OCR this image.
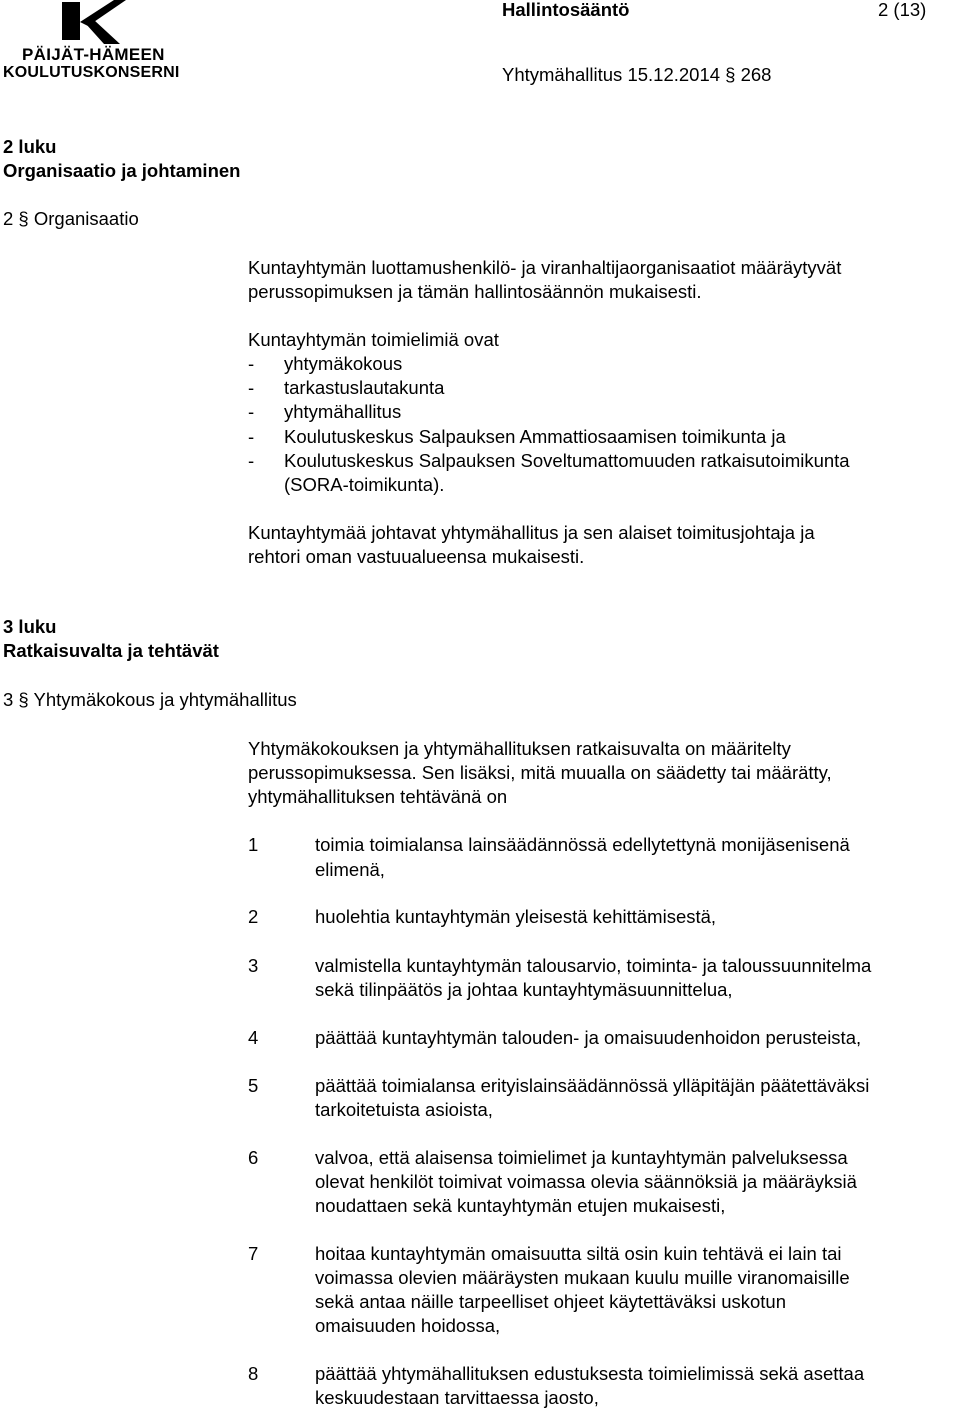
PÄIJÄT-HÄMEEN
KOULUTUSKONSERNI
Hallintosääntö	2 (13)
Yhtymähallitus 15.12.2014 § 268
2 luku
Organisaatio ja johtaminen
2 § Organisaatio
Kuntayhtymän luottamushenkilö- ja viranhaltijaorganisaatiot määräytyvät
perussopimuksen ja tämän hallintosäännön mukaisesti.
Kuntayhtymän toimielimiä ovat
- yhtymäkokous
- tarkastuslautakunta
- yhtymähallitus
- Koulutuskeskus Salpauksen Ammattiosaamisen toimikunta ja
- Koulutuskeskus Salpauksen Soveltumattomuuden ratkaisutoimikunta
(SORA-toimikunta).
Kuntayhtymää johtavat yhtymähallitus ja sen alaiset toimitusjohtaja ja
rehtori oman vastuualueensa mukaisesti.
3 luku
Ratkaisuvalta ja tehtävät
3 § Yhtymäkokous ja yhtymähallitus
Yhtymäkokouksen ja yhtymähallituksen ratkaisuvalta on määritelty
perussopimuksessa. Sen lisäksi, mitä muualla on säädetty tai määrätty,
yhtymähallituksen tehtävänä on
1	toimia toimialansa lainsäädännössä edellytettynä monijäsenisenä
elimenä,
2	huolehtia kuntayhtymän yleisestä kehittämisestä,
3	valmistella kuntayhtymän talousarvio, toiminta- ja taloussuunnitelma
sekä tilinpäätös ja johtaa kuntayhtymäsuunnittelua,
4	päättää kuntayhtymän talouden- ja omaisuudenhoidon perusteista,
5	päättää toimialansa erityislainsäädännössä ylläpitäjän päätettäväksi
tarkoitetuista asioista,
6	valvoa, että alaisensa toimielimet ja kuntayhtymän palveluksessa
olevat henkilöt toimivat voimassa olevia säännöksiä ja määräyksiä
noudattaen sekä kuntayhtymän etujen mukaisesti,
7	hoitaa kuntayhtymän omaisuutta siltä osin kuin tehtävä ei lain tai
voimassa olevien määräysten mukaan kuulu muille viranomaisille
sekä antaa näille tarpeelliset ohjeet käytettäväksi uskotun
omaisuuden hoidossa,
8	päättää yhtymähallituksen edustuksesta toimielimissä sekä asettaa
keskuudestaan tarvittaessa jaosto,
